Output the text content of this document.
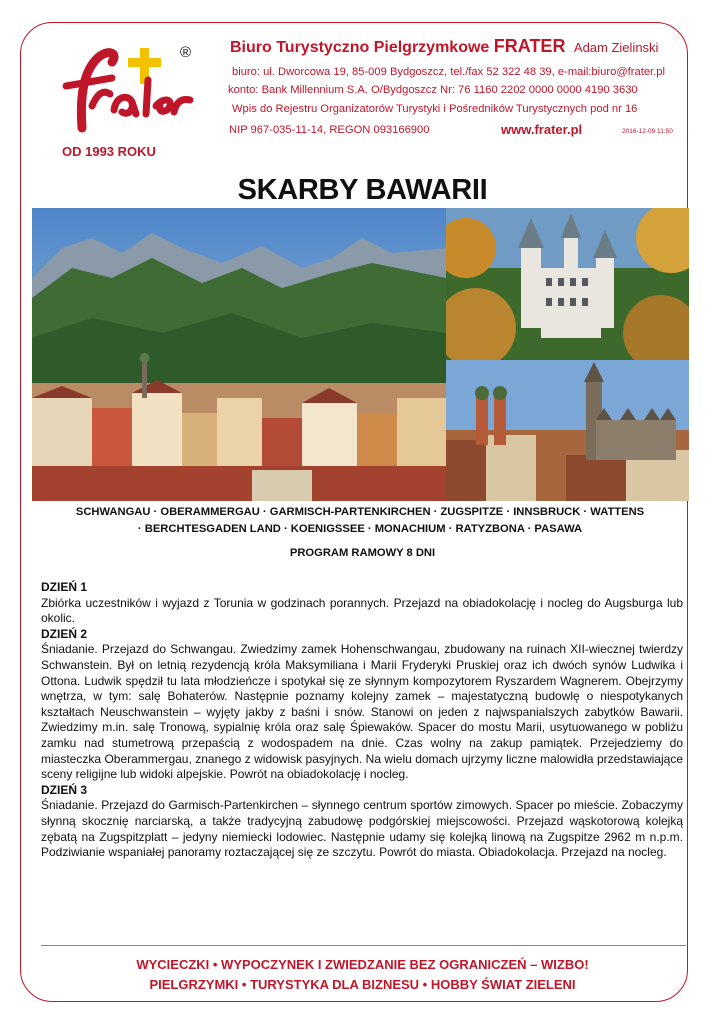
frater ® Biuro Turystyczno Pielgrzymkowe FRATER Adam Zielinski
biuro: ul. Dworcowa 19, 85-009 Bydgoszcz, tel./fax 52 322 48 39, e-mail:biuro@frater.pl
konto: Bank Millennium S.A. O/Bydgoszcz Nr: 76 1160 2202 0000 0000 4190 3630
Wpis do Rejestru Organizatorów Turystyki i Pośredników Turystycznych pod nr 16
NIP 967-035-11-14, REGON 093166900	www.frater.pl	2016-12-09 11:50
OD 1993 ROKU
SKARBY BAWARII
SCHWANGAU · OBERAMMERGAU · GARMISCH-PARTENKIRCHEN · ZUGSPITZE · INNSBRUCK · WATTENS
· BERCHTESGADEN LAND · KOENIGSSEE · MONACHIUM · RATYZBONA · PASAWA
PROGRAM RAMOWY 8 DNI

DZIEŃ 1

Zbiórka uczestników i wyjazd z Torunia w godzinach porannych. Przejazd na obiadokolację i nocleg do Augsburga lub okolic.

DZIEŃ 2

Śniadanie. Przejazd do Schwangau. Zwiedzimy zamek Hohenschwangau, zbudowany na ruinach XII-wiecznej twierdzy Schwanstein. Był on letnią rezydencją króla Maksymiliana i Marii Fryderyki Pruskiej oraz ich dwóch synów Ludwika i Ottona. Ludwik spędził tu lata młodzieńcze i spotykał się ze słynnym kompozytorem Ryszardem Wagnerem. Obejrzymy wnętrza, w tym: salę Bohaterów. Następnie poznamy kolejny zamek – majestatyczną budowlę o niespotykanych kształtach Neuschwanstein – wyjęty jakby z baśni i snów. Stanowi on jeden z najwspanialszych zabytków Bawarii. Zwiedzimy m.in. salę Tronową, sypialnię króla oraz salę Śpiewaków. Spacer do mostu Marii, usytuowanego w pobliżu zamku nad stumetrową przepaścią z wodospadem na dnie. Czas wolny na zakup pamiątek. Przejedziemy do miasteczka Oberammergau, znanego z widowisk pasyjnych. Na wielu domach ujrzymy liczne malowidła przedstawiające sceny religijne lub widoki alpejskie. Powrót na obiadokolację i nocleg.

DZIEŃ 3

Śniadanie. Przejazd do Garmisch-Partenkirchen – słynnego centrum sportów zimowych. Spacer po mieście. Zobaczymy słynną skocznię narciarską, a także tradycyjną zabudowę podgórskiej miejscowości. Przejazd wąskotorową kolejką zębatą na Zugspitzplatt – jedyny niemiecki lodowiec. Następnie udamy się kolejką linową na Zugspitze 2962 m n.p.m. Podziwianie wspaniałej panoramy roztaczającej się ze szczytu. Powrót do miasta. Obiadokolacja. Przejazd na nocleg.

WYCIECZKI • WYPOCZYNEK I ZWIEDZANIE BEZ OGRANICZEŃ – WIZBO!
PIELGRZYMKI • TURYSTYKA DLA BIZNESU • HOBBY ŚWIAT ZIELENI
